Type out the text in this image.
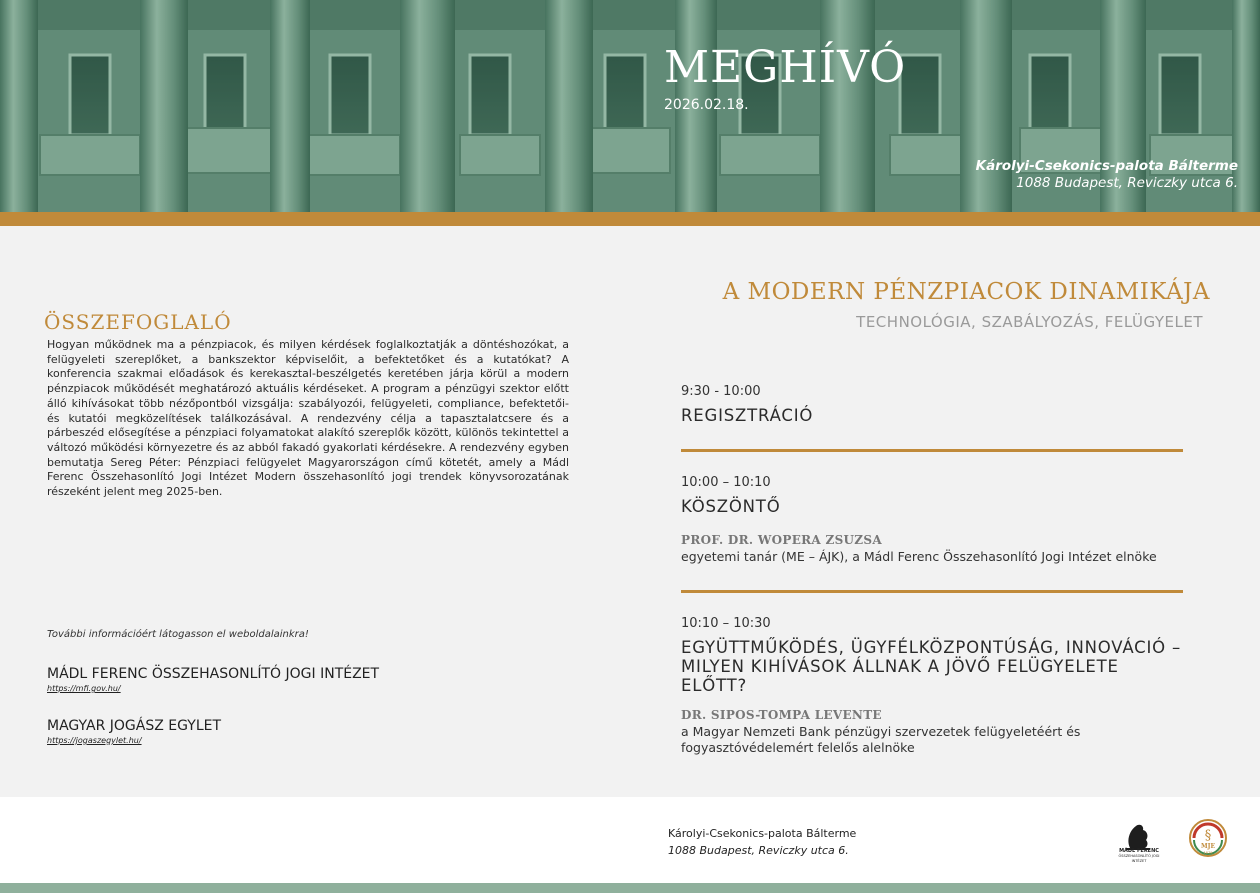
MEGHÍVÓ
2026.02.18.
Károlyi-Csekonics-palota Bálterme
1088 Budapest, Reviczky utca 6.
ÖSSZEFOGLALÓ
Hogyan működnek ma a pénzpiacok, és milyen kérdések foglalkoztatják a döntéshozókat, a felügyeleti szereplőket, a bankszektor képviselőit, a befektetőket és a kutatókat? A konferencia szakmai előadások és kerekasztal-beszélgetés keretében járja körül a modern pénzpiacok működését meghatározó aktuális kérdéseket. A program a pénzügyi szektor előtt álló kihívásokat több nézőpontból vizsgálja: szabályozói, felügyeleti, compliance, befektetői- és kutatói megközelítések találkozásával. A rendezvény célja a tapasztalatcsere és a párbeszéd elősegítése a pénzpiaci folyamatokat alakító szereplők között, különös tekintettel a változó működési környezetre és az abból fakadó gyakorlati kérdésekre. A rendezvény egyben bemutatja Sereg Péter: Pénzpiaci felügyelet Magyarországon című kötetét, amely a Mádl Ferenc Összehasonlító Jogi Intézet Modern összehasonlító jogi trendek könyvsorozatának részeként jelent meg 2025-ben.
További információért látogasson el weboldalainkra!
MÁDL FERENC ÖSSZEHASONLÍTÓ JOGI INTÉZET
https://mfi.gov.hu/
MAGYAR JOGÁSZ EGYLET
https://jogaszegylet.hu/
A MODERN PÉNZPIACOK DINAMIKÁJA
TECHNOLÓGIA, SZABÁLYOZÁS, FELÜGYELET
9:30 - 10:00
REGISZTRÁCIÓ
10:00 – 10:10
KÖSZÖNTŐ
PROF. DR. WOPERA ZSUZSA
egyetemi tanár (ME – ÁJK), a Mádl Ferenc Összehasonlító Jogi Intézet elnöke
10:10 – 10:30
EGYÜTTMŰKÖDÉS, ÜGYFÉLKÖZPONTÚSÁG, INNOVÁCIÓ – MILYEN KIHÍVÁSOK ÁLLNAK A JÖVŐ FELÜGYELETE ELŐTT?
DR. SIPOS-TOMPA LEVENTE
a Magyar Nemzeti Bank pénzügyi szervezetek felügyeletéért és fogyasztóvédelemért felelős alelnöke
Károlyi-Csekonics-palota Bálterme
1088 Budapest, Reviczky utca 6.	MÁDL FERENC
ÖSSZEHASONLÍTÓ JOGI INTÉZET
§
MJE
1879
